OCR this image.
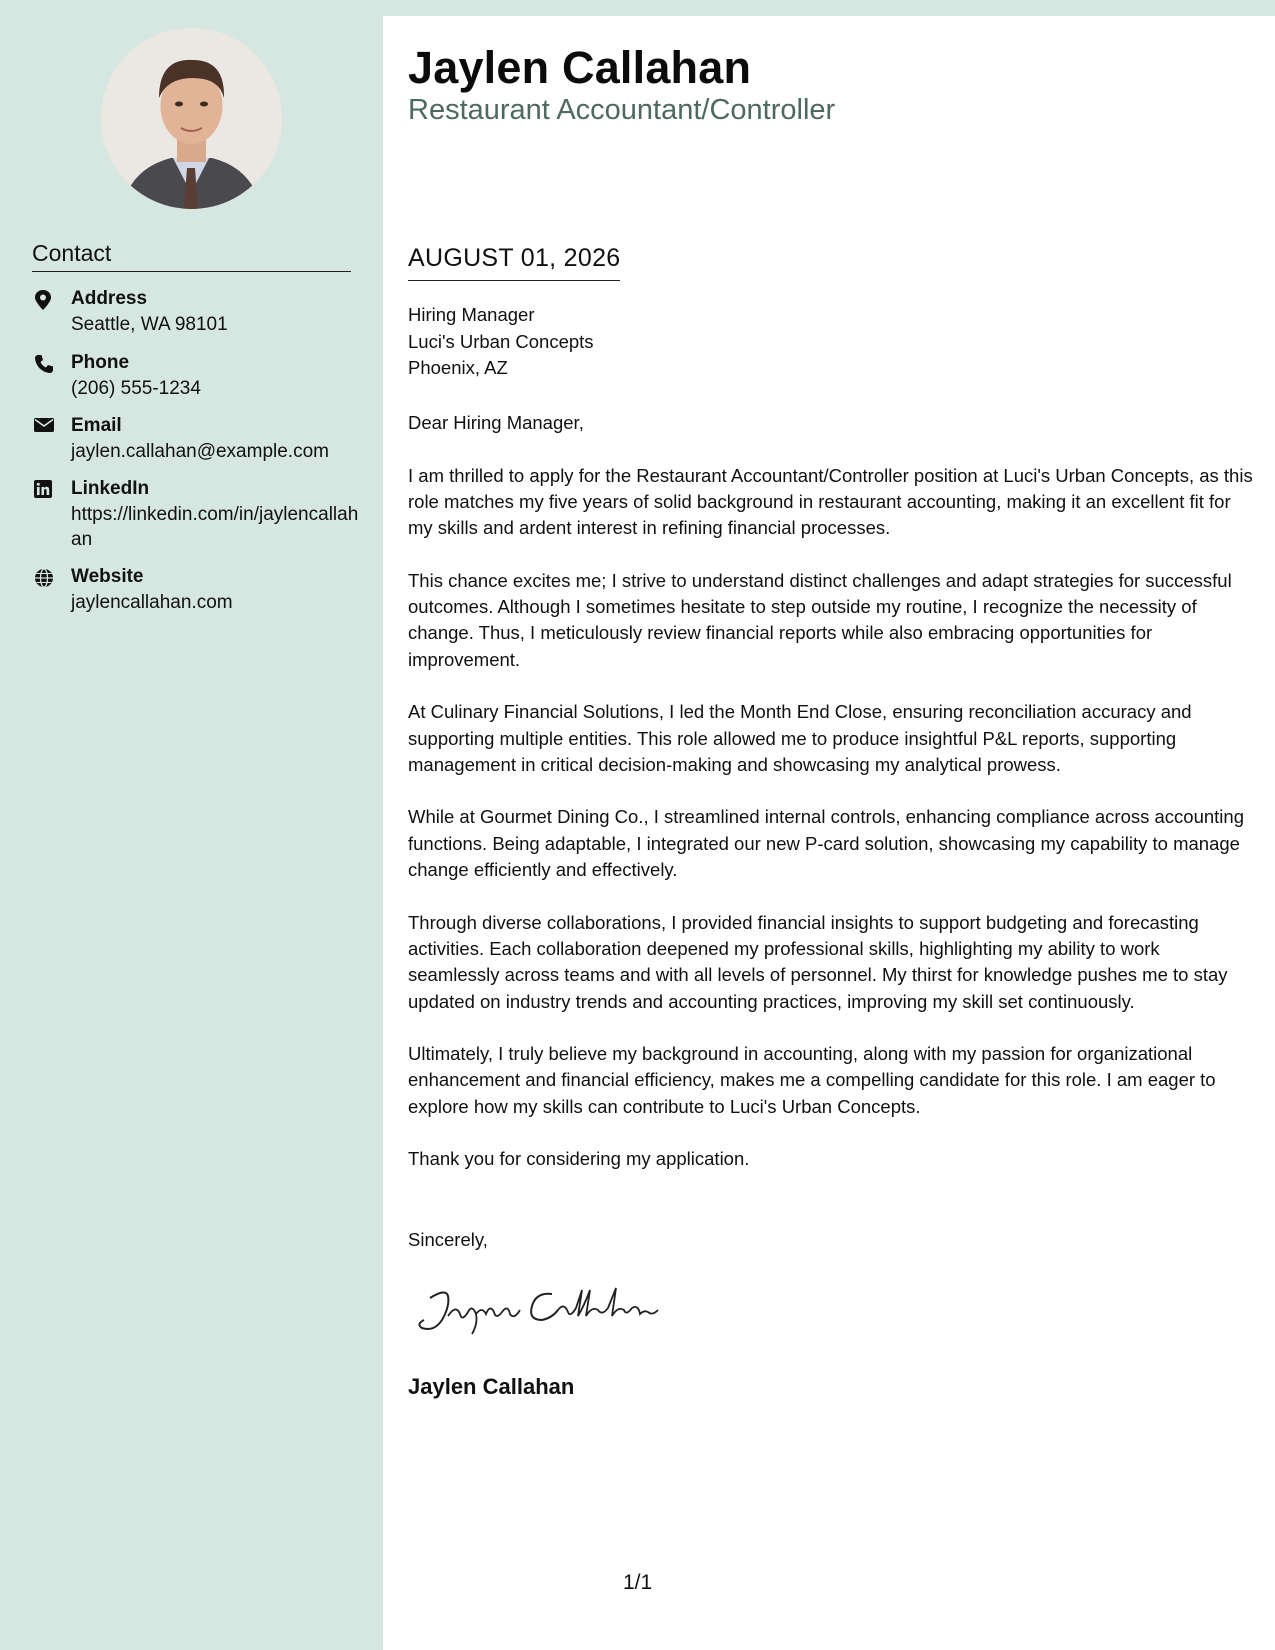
Contact
Address
Seattle, WA 98101
Phone
(206) 555-1234
Email
jaylen.callahan@example.com
LinkedIn
https://linkedin.com/in/jaylencallahan
Website
jaylencallahan.com
Jaylen Callahan
Restaurant Accountant/Controller
AUGUST 01, 2026
Hiring Manager
Luci's Urban Concepts
Phoenix, AZ

Dear Hiring Manager,

I am thrilled to apply for the Restaurant Accountant/Controller position at Luci's Urban Concepts, as this role matches my five years of solid background in restaurant accounting, making it an excellent fit for my skills and ardent interest in refining financial processes.

This chance excites me; I strive to understand distinct challenges and adapt strategies for successful outcomes. Although I sometimes hesitate to step outside my routine, I recognize the necessity of change. Thus, I meticulously review financial reports while also embracing opportunities for improvement.

At Culinary Financial Solutions, I led the Month End Close, ensuring reconciliation accuracy and supporting multiple entities. This role allowed me to produce insightful P&L reports, supporting management in critical decision-making and showcasing my analytical prowess.

While at Gourmet Dining Co., I streamlined internal controls, enhancing compliance across accounting functions. Being adaptable, I integrated our new P-card solution, showcasing my capability to manage change efficiently and effectively.

Through diverse collaborations, I provided financial insights to support budgeting and forecasting activities. Each collaboration deepened my professional skills, highlighting my ability to work seamlessly across teams and with all levels of personnel. My thirst for knowledge pushes me to stay updated on industry trends and accounting practices, improving my skill set continuously.

Ultimately, I truly believe my background in accounting, along with my passion for organizational enhancement and financial efficiency, makes me a compelling candidate for this role. I am eager to explore how my skills can contribute to Luci's Urban Concepts.

Thank you for considering my application.

Sincerely,
Jaylen Callahan
1/1
